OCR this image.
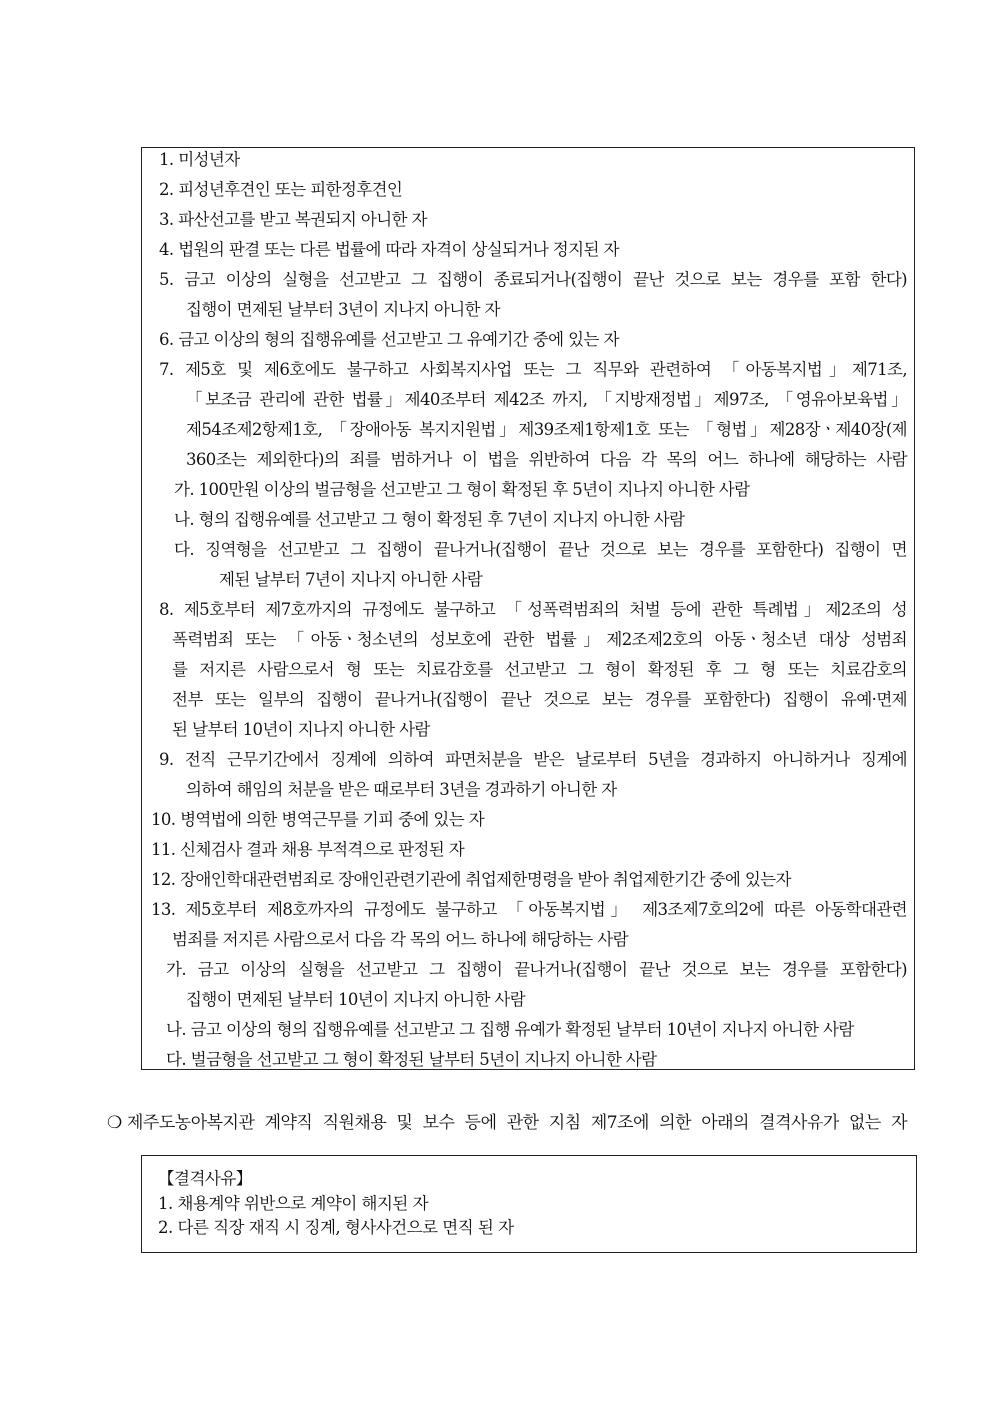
1. 미성년자
2. 피성년후견인 또는 피한정후견인
3. 파산선고를 받고 복권되지 아니한 자
4. 법원의 판결 또는 다른 법률에 따라 자격이 상실되거나 정지된 자
5. 금고 이상의 실형을 선고받고 그 집행이 종료되거나(집행이 끝난 것으로 보는 경우를 포함 한다)
집행이 면제된 날부터 3년이 지나지 아니한 자
6. 금고 이상의 형의 집행유예를 선고받고 그 유예기간 중에 있는 자
7. 제5호 및 제6호에도 불구하고 사회복지사업 또는 그 직무와 관련하여 「아동복지법」제71조,
「보조금 관리에 관한 법률」제40조부터 제42조 까지, 「지방재정법」제97조, 「영유아보육법」
제54조제2항제1호, 「장애아동 복지지원법」제39조제1항제1호 또는 「형법」제28장ㆍ제40장(제
360조는 제외한다)의 죄를 범하거나 이 법을 위반하여 다음 각 목의 어느 하나에 해당하는 사람
가. 100만원 이상의 벌금형을 선고받고 그 형이 확정된 후 5년이 지나지 아니한 사람
나. 형의 집행유예를 선고받고 그 형이 확정된 후 7년이 지나지 아니한 사람
다. 징역형을 선고받고 그 집행이 끝나거나(집행이 끝난 것으로 보는 경우를 포함한다) 집행이 면
제된 날부터 7년이 지나지 아니한 사람
8. 제5호부터 제7호까지의 규정에도 불구하고 「성폭력범죄의 처벌 등에 관한 특례법」제2조의 성
폭력범죄 또는 「아동ㆍ청소년의 성보호에 관한 법률」제2조제2호의 아동ㆍ청소년 대상 성범죄
를 저지른 사람으로서 형 또는 치료감호를 선고받고 그 형이 확정된 후 그 형 또는 치료감호의
전부 또는 일부의 집행이 끝나거나(집행이 끝난 것으로 보는 경우를 포함한다) 집행이 유예·면제
된 날부터 10년이 지나지 아니한 사람
9. 전직 근무기간에서 징계에 의하여 파면처분을 받은 날로부터 5년을 경과하지 아니하거나 징계에
의하여 해임의 처분을 받은 때로부터 3년을 경과하기 아니한 자
10. 병역법에 의한 병역근무를 기피 중에 있는 자
11. 신체검사 결과 채용 부적격으로 판정된 자
12. 장애인학대관련범죄로 장애인관련기관에 취업제한명령을 받아 취업제한기간 중에 있는자
13. 제5호부터 제8호까자의 규정에도 불구하고 「아동복지법」 제3조제7호의2에 따른 아동학대관련
범죄를 저지른 사람으로서 다음 각 목의 어느 하나에 해당하는 사람
가. 금고 이상의 실형을 선고받고 그 집행이 끝나거나(집행이 끝난 것으로 보는 경우를 포함한다)
집행이 면제된 날부터 10년이 지나지 아니한 사람
나. 금고 이상의 형의 집행유예를 선고받고 그 집행 유예가 확정된 날부터 10년이 지나지 아니한 사람
다. 벌금형을 선고받고 그 형이 확정된 날부터 5년이 지나지 아니한 사람
❍ 제주도농아복지관 계약직 직원채용 및 보수 등에 관한 지침 제7조에 의한 아래의 결격사유가 없는 자
【결격사유】
1. 채용계약 위반으로 계약이 해지된 자
2. 다른 직장 재직 시 징계, 형사사건으로 면직 된 자
